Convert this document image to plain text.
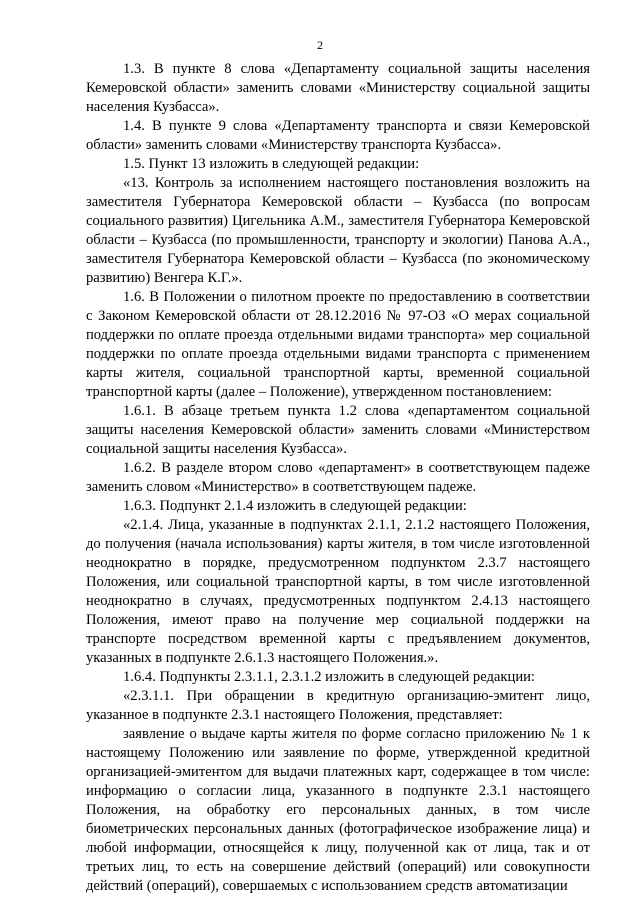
2

1.3. В пункте 8 слова «Департаменту социальной защиты населения Кемеровской области» заменить словами «Министерству социальной защиты населения Кузбасса».

1.4. В пункте 9 слова «Департаменту транспорта и связи Кемеровской области» заменить словами «Министерству транспорта Кузбасса».

1.5. Пункт 13 изложить в следующей редакции:

«13. Контроль за исполнением настоящего постановления возложить на заместителя Губернатора Кемеровской области – Кузбасса (по вопросам социального развития) Цигельника А.М., заместителя Губернатора Кемеровской области – Кузбасса (по промышленности, транспорту и экологии) Панова А.А., заместителя Губернатора Кемеровской области – Кузбасса (по экономическому развитию) Венгера К.Г.».

1.6. В Положении о пилотном проекте по предоставлению в соответствии с Законом Кемеровской области от 28.12.2016 № 97-ОЗ «О мерах социальной поддержки по оплате проезда отдельными видами транспорта» мер социальной поддержки по оплате проезда отдельными видами транспорта с применением карты жителя, социальной транспортной карты, временной социальной транспортной карты (далее – Положение), утвержденном постановлением:

1.6.1. В абзаце третьем пункта 1.2 слова «департаментом социальной защиты населения Кемеровской области» заменить словами «Министерством социальной защиты населения Кузбасса».

1.6.2. В разделе втором слово «департамент» в соответствующем падеже заменить словом «Министерство» в соответствующем падеже.

1.6.3. Подпункт 2.1.4 изложить в следующей редакции:

«2.1.4. Лица, указанные в подпунктах 2.1.1, 2.1.2 настоящего Положения, до получения (начала использования) карты жителя, в том числе изготовленной неоднократно в порядке, предусмотренном подпунктом 2.3.7 настоящего Положения, или социальной транспортной карты, в том числе изготовленной неоднократно в случаях, предусмотренных подпунктом 2.4.13 настоящего Положения, имеют право на получение мер социальной поддержки на транспорте посредством временной карты с предъявлением документов, указанных в подпункте 2.6.1.3 настоящего Положения.».

1.6.4. Подпункты 2.3.1.1, 2.3.1.2 изложить в следующей редакции:

«2.3.1.1. При обращении в кредитную организацию-эмитент лицо, указанное в подпункте 2.3.1 настоящего Положения, представляет:

заявление о выдаче карты жителя по форме согласно приложению № 1 к настоящему Положению или заявление по форме, утвержденной кредитной организацией-эмитентом для выдачи платежных карт, содержащее в том числе: информацию о согласии лица, указанного в подпункте 2.3.1 настоящего Положения, на обработку его персональных данных, в том числе биометрических персональных данных (фотографическое изображение лица) и любой информации, относящейся к лицу, полученной как от лица, так и от третьих лиц, то есть на совершение действий (операций) или совокупности действий (операций), совершаемых с использованием средств автоматизации
